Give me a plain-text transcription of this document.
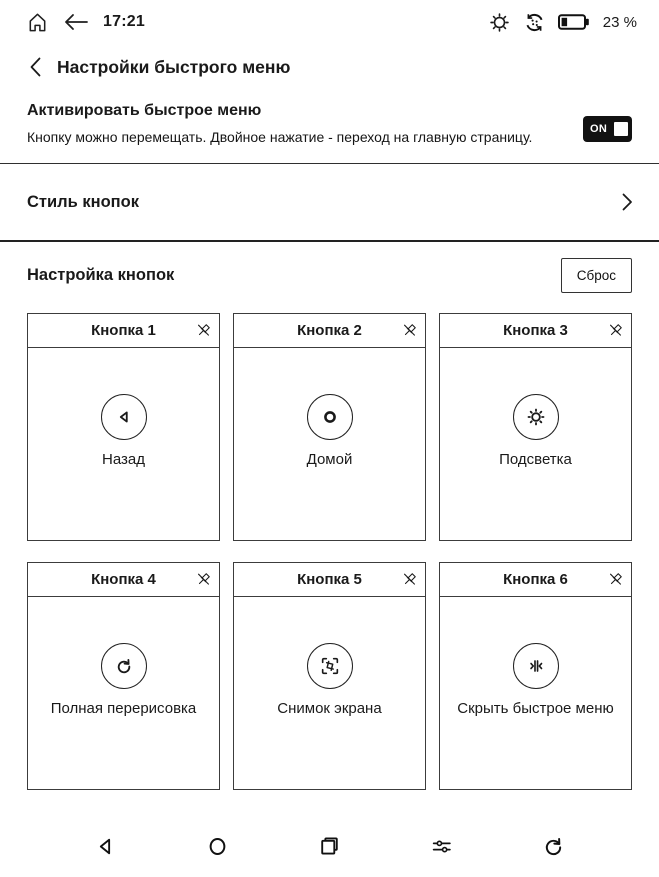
17:21	23 %
Настройки быстрого меню
Активировать быстрое меню
Кнопку можно перемещать. Двойное нажатие - переход на главную страницу.	ON
Стиль кнопок
Настройка кнопок	Сброс
Кнопка 1
Назад
Кнопка 2
Домой
Кнопка 3
Подсветка
Кнопка 4
Полная перерисовка
Кнопка 5
Снимок экрана
Кнопка 6
Скрыть быстрое меню
